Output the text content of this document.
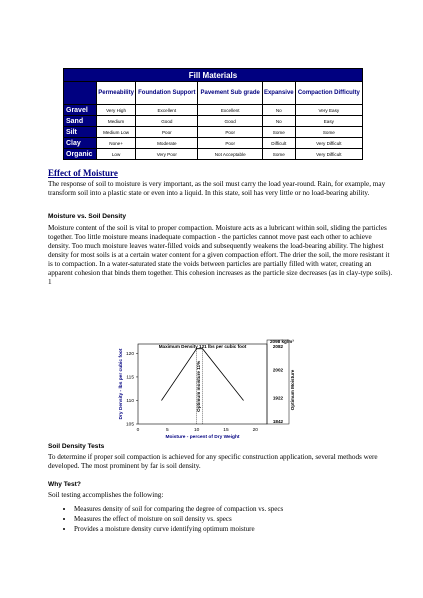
Fill Materials					
	Permeability	Foundation Support	Pavement Sub grade	Expansive	Compaction Difficulty
Gravel	Very High	Excellent	Excellent	No	Very Easy
Sand	Medium	Good	Good	No	Easy
Silt	Medium Low	Poor	Poor	Some	Some
Clay	None+	Moderate	Poor	Difficult	Very Difficult
Organic	Low	Very Poor	Not Acceptable	Some	Very Difficult
Effect of Moisture

The response of soil to moisture is very important, as the soil must carry the load year-round. Rain, for example, may transform soil into a plastic state or even into a liquid. In this state, soil has very little or no load-bearing ability.

Moisture vs. Soil Density

Moisture content of the soil is vital to proper compaction. Moisture acts as a lubricant within soil, sliding the particles together. Too little moisture means inadequate compaction - the particles cannot move past each other to achieve density. Too much moisture leaves water-filled voids and subsequently weakens the load-bearing ability. The highest density for most soils is at a certain water content for a given compaction effort. The drier the soil, the more resistant it is to compaction. In a water-saturated state the voids between particles are partially filled with water, creating an apparent cohesion that binds them together. This cohesion increases as the particle size decreases (as in clay-type soils). 1

105
110
115
120
0	5	10	15	20
Maximum Density 121 lbs per cubic foot
Optimum moisture 11%
2098 kg/m³
2082
2002
1922
1842
Moisture - percent of Dry Weight
Dry Density - lbs per cubic foot	Optimum Moisture
Soil Density Tests

To determine if proper soil compaction is achieved for any specific construction application, several methods were developed. The most prominent by far is soil density.

Why Test?

Soil testing accomplishes the following:

• Measures density of soil for comparing the degree of compaction vs. specs
• Measures the effect of moisture on soil density vs. specs
• Provides a moisture density curve identifying optimum moisture
